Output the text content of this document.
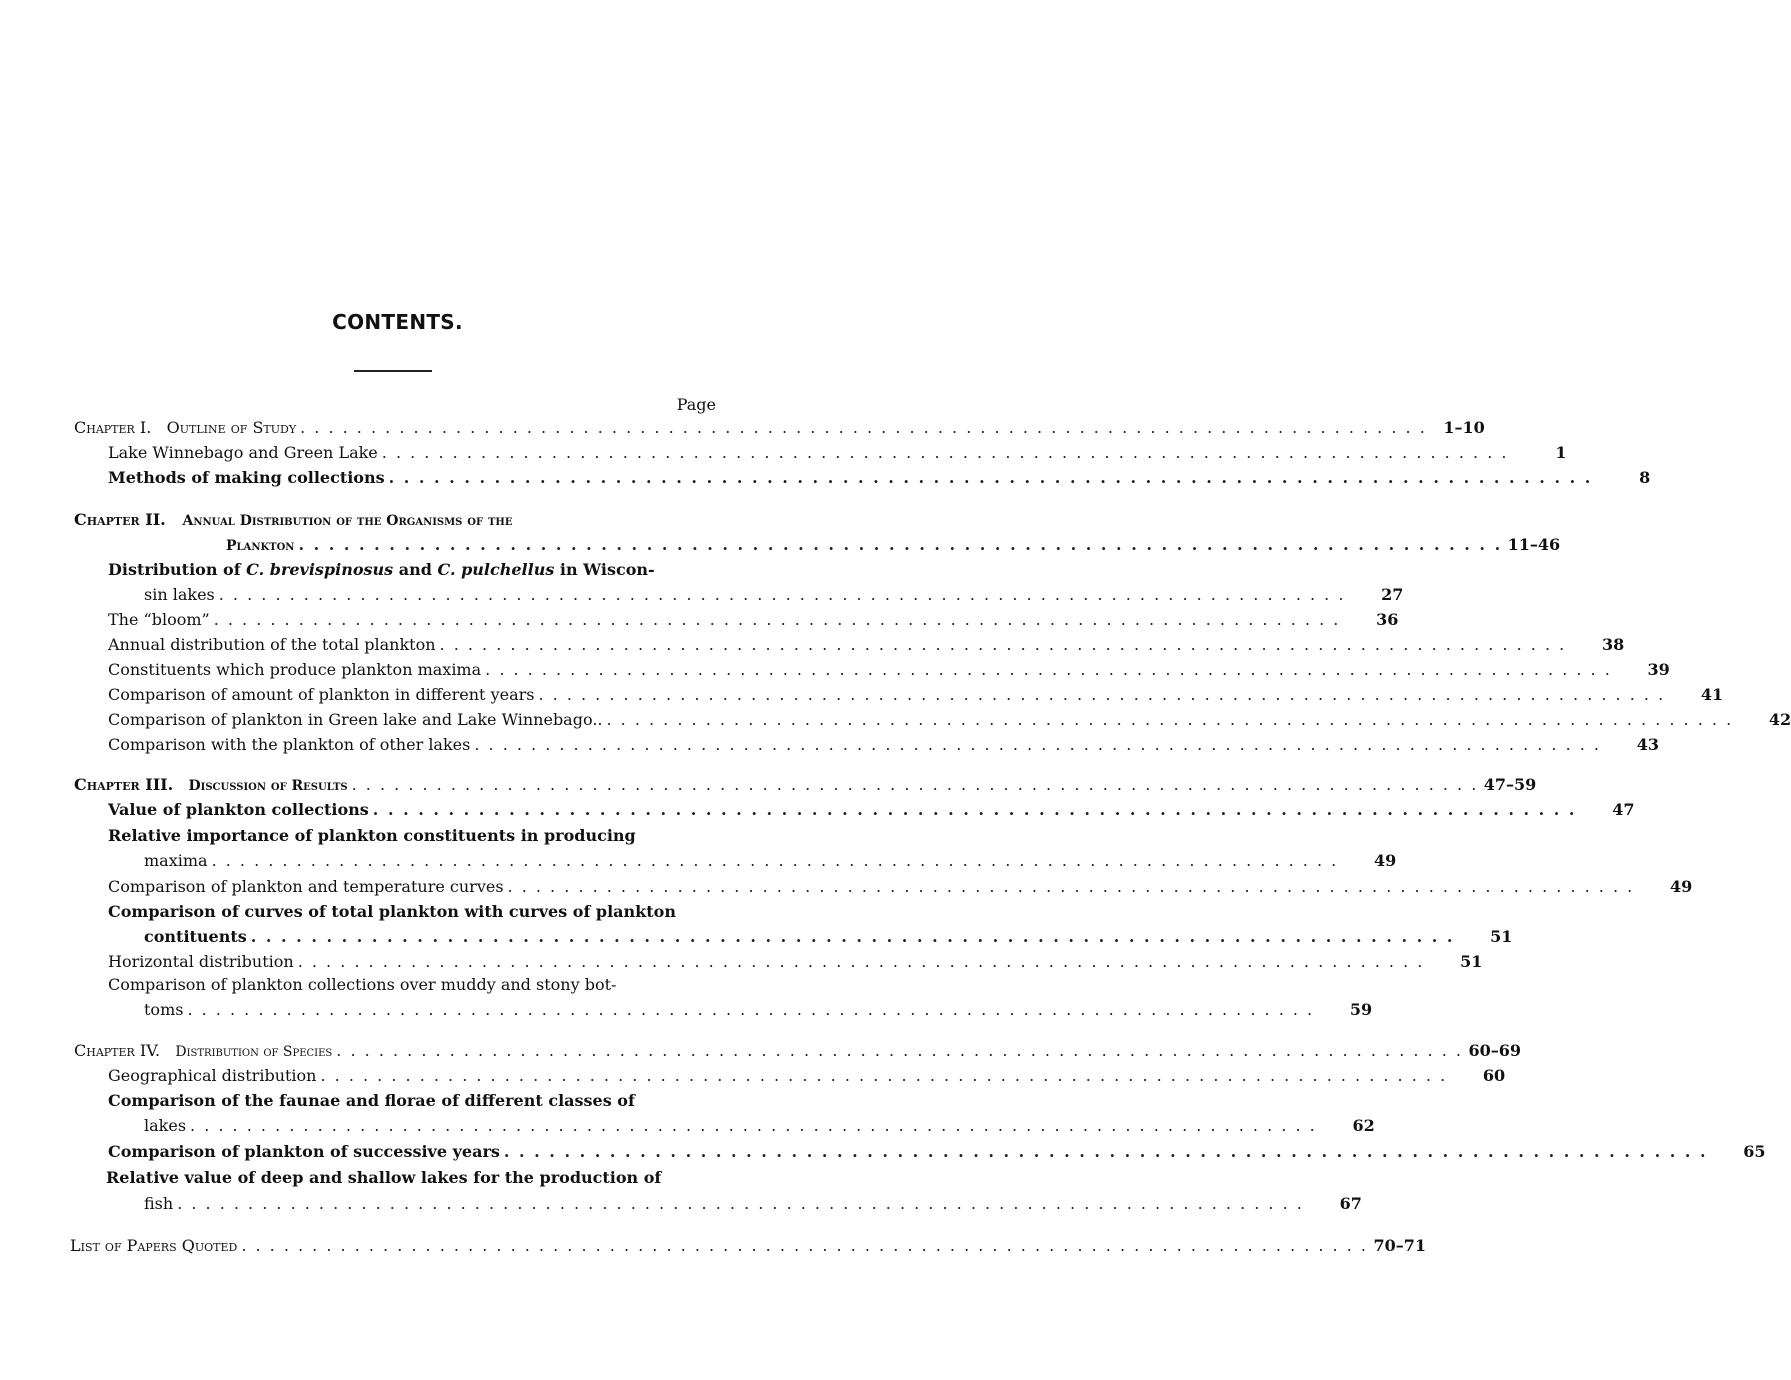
CONTENTS.
Page
Chapter I. Outline of Study . . . . . . . . . . . . . . . . . . . . . . . . . . . . . . . . . . . . . . . . . . . . . . . . . . . . . . . . . . . . . . . . . . . . . . . . . . . . . . . .	1–10
Lake Winnebago and Green Lake . . . . . . . . . . . . . . . . . . . . . . . . . . . . . . . . . . . . . . . . . . . . . . . . . . . . . . . . . . . . . . . . . . . . . . . . . . . . . . . .	1
Methods of making collections . . . . . . . . . . . . . . . . . . . . . . . . . . . . . . . . . . . . . . . . . . . . . . . . . . . . . . . . . . . . . . . . . . . . . . . . . . . . . . . .	8
Chapter II. Annual Distribution of the Organisms of the
Plankton . . . . . . . . . . . . . . . . . . . . . . . . . . . . . . . . . . . . . . . . . . . . . . . . . . . . . . . . . . . . . . . . . . . . . . . . . . . . . . . . 11–46
Distribution of C. brevispinosus and C. pulchellus in Wiscon-
sin lakes . . . . . . . . . . . . . . . . . . . . . . . . . . . . . . . . . . . . . . . . . . . . . . . . . . . . . . . . . . . . . . . . . . . . . . . . . . . . . . . .	27
The “bloom” . . . . . . . . . . . . . . . . . . . . . . . . . . . . . . . . . . . . . . . . . . . . . . . . . . . . . . . . . . . . . . . . . . . . . . . . . . . . . . . .	36
Annual distribution of the total plankton . . . . . . . . . . . . . . . . . . . . . . . . . . . . . . . . . . . . . . . . . . . . . . . . . . . . . . . . . . . . . . . . . . . . . . . . . . . . . . . .	38
Constituents which produce plankton maxima . . . . . . . . . . . . . . . . . . . . . . . . . . . . . . . . . . . . . . . . . . . . . . . . . . . . . . . . . . . . . . . . . . . . . . . . . . . . . . . .	39
Comparison of amount of plankton in different years . . . . . . . . . . . . . . . . . . . . . . . . . . . . . . . . . . . . . . . . . . . . . . . . . . . . . . . . . . . . . . . . . . . . . . . . . . . . . . . .	41
Comparison of plankton in Green lake and Lake Winnebago.. . . . . . . . . . . . . . . . . . . . . . . . . . . . . . . . . . . . . . . . . . . . . . . . . . . . . . . . . . . . . . . . . . . . . . . . . . . . . . . . .	42
Comparison with the plankton of other lakes . . . . . . . . . . . . . . . . . . . . . . . . . . . . . . . . . . . . . . . . . . . . . . . . . . . . . . . . . . . . . . . . . . . . . . . . . . . . . . . .	43
Chapter III. Discussion of Results . . . . . . . . . . . . . . . . . . . . . . . . . . . . . . . . . . . . . . . . . . . . . . . . . . . . . . . . . . . . . . . . . . . . . . . . . . . . . . . . 47–59
Value of plankton collections . . . . . . . . . . . . . . . . . . . . . . . . . . . . . . . . . . . . . . . . . . . . . . . . . . . . . . . . . . . . . . . . . . . . . . . . . . . . . . . .	47
Relative importance of plankton constituents in producing
maxima . . . . . . . . . . . . . . . . . . . . . . . . . . . . . . . . . . . . . . . . . . . . . . . . . . . . . . . . . . . . . . . . . . . . . . . . . . . . . . . .	49
Comparison of plankton and temperature curves . . . . . . . . . . . . . . . . . . . . . . . . . . . . . . . . . . . . . . . . . . . . . . . . . . . . . . . . . . . . . . . . . . . . . . . . . . . . . . . .	49
Comparison of curves of total plankton with curves of plankton
contituents . . . . . . . . . . . . . . . . . . . . . . . . . . . . . . . . . . . . . . . . . . . . . . . . . . . . . . . . . . . . . . . . . . . . . . . . . . . . . . . .	51
Horizontal distribution . . . . . . . . . . . . . . . . . . . . . . . . . . . . . . . . . . . . . . . . . . . . . . . . . . . . . . . . . . . . . . . . . . . . . . . . . . . . . . . .	51
Comparison of plankton collections over muddy and stony bot-
toms . . . . . . . . . . . . . . . . . . . . . . . . . . . . . . . . . . . . . . . . . . . . . . . . . . . . . . . . . . . . . . . . . . . . . . . . . . . . . . . .	59
Chapter IV. Distribution of Species . . . . . . . . . . . . . . . . . . . . . . . . . . . . . . . . . . . . . . . . . . . . . . . . . . . . . . . . . . . . . . . . . . . . . . . . . . . . . . . . 60–69
Geographical distribution . . . . . . . . . . . . . . . . . . . . . . . . . . . . . . . . . . . . . . . . . . . . . . . . . . . . . . . . . . . . . . . . . . . . . . . . . . . . . . . .	60
Comparison of the faunae and florae of different classes of
lakes . . . . . . . . . . . . . . . . . . . . . . . . . . . . . . . . . . . . . . . . . . . . . . . . . . . . . . . . . . . . . . . . . . . . . . . . . . . . . . . .	62
Comparison of plankton of successive years . . . . . . . . . . . . . . . . . . . . . . . . . . . . . . . . . . . . . . . . . . . . . . . . . . . . . . . . . . . . . . . . . . . . . . . . . . . . . . . .	65
Relative value of deep and shallow lakes for the production of
fish . . . . . . . . . . . . . . . . . . . . . . . . . . . . . . . . . . . . . . . . . . . . . . . . . . . . . . . . . . . . . . . . . . . . . . . . . . . . . . . .	67
List of Papers Quoted . . . . . . . . . . . . . . . . . . . . . . . . . . . . . . . . . . . . . . . . . . . . . . . . . . . . . . . . . . . . . . . . . . . . . . . . . . . . . . . . 70–71
